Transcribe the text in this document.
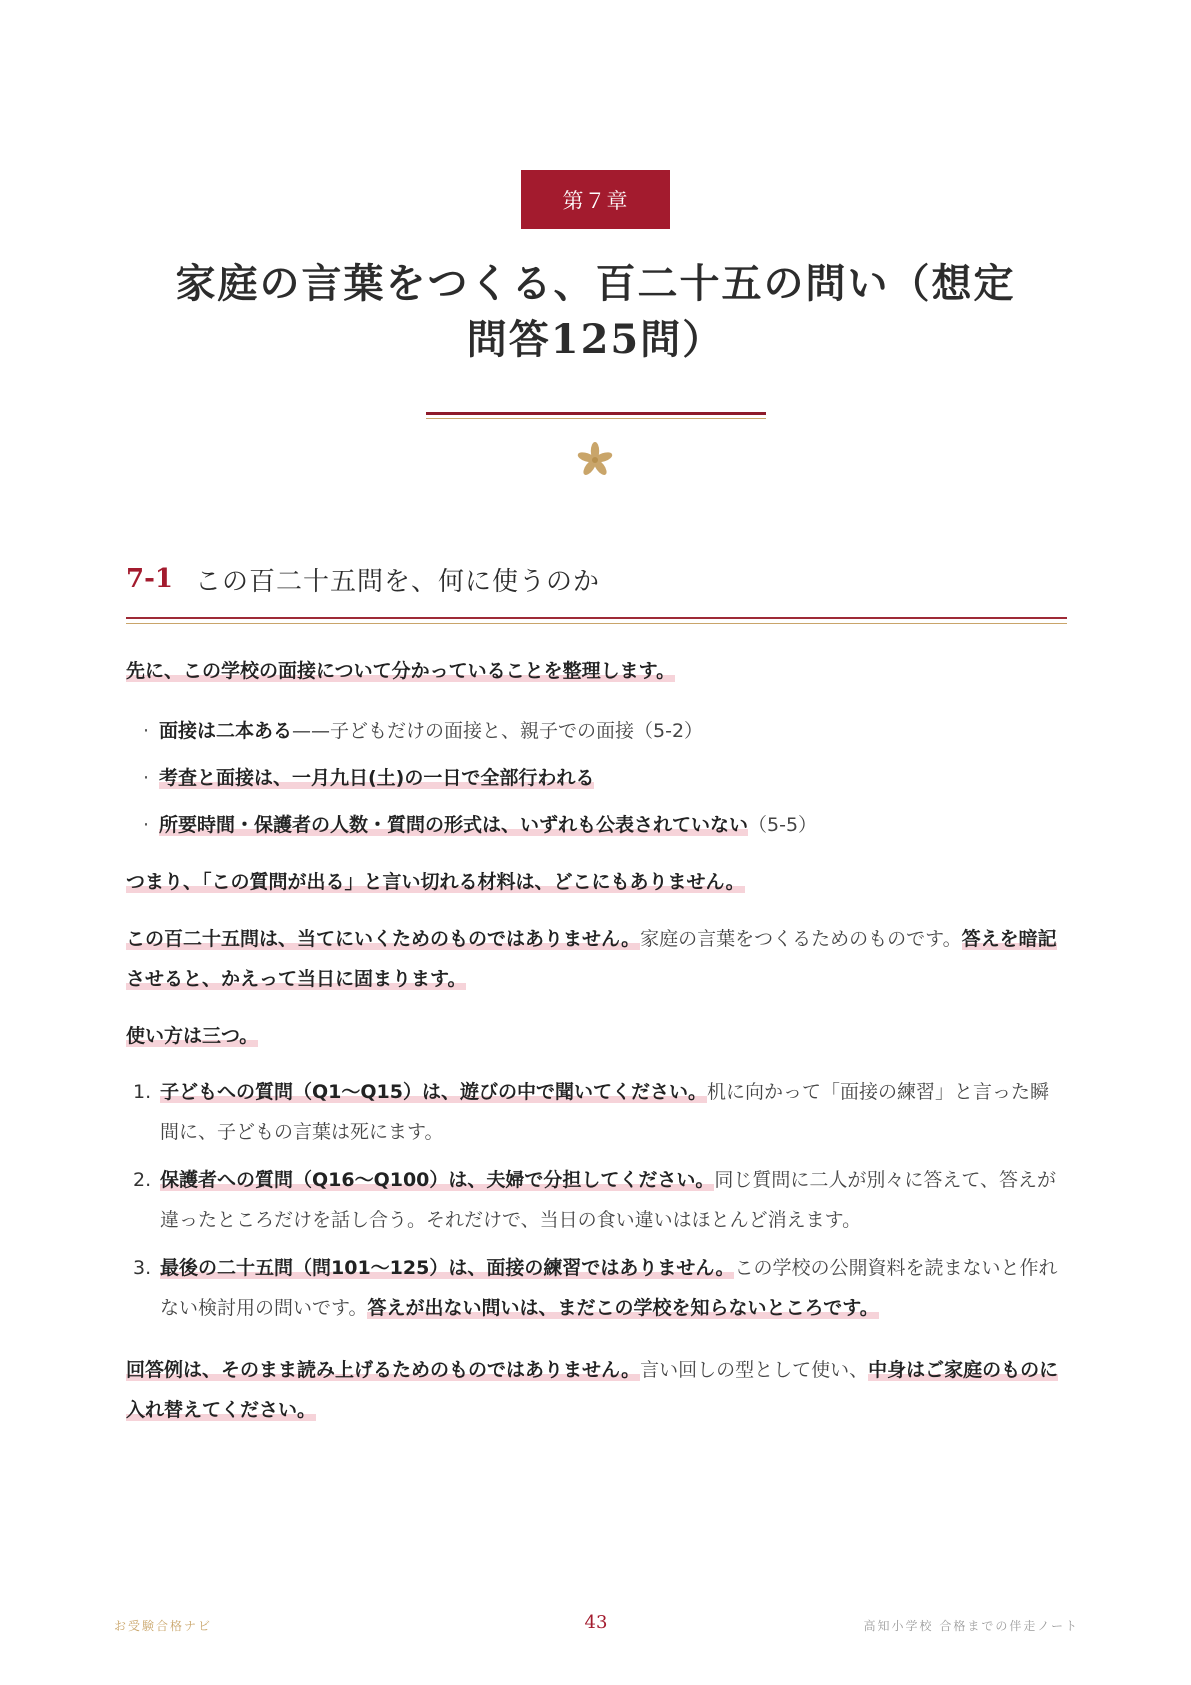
第７章
家庭の言葉をつくる、百二十五の問い（想定
問答125問）
7-1 この百二十五問を、何に使うのか
先に、この学校の面接について分かっていることを整理します。
· 面接は二本ある——子どもだけの面接と、親子での面接（5-2）
· 考査と面接は、一月九日(土)の一日で全部行われる
· 所要時間・保護者の人数・質問の形式は、いずれも公表されていない（5-5）
つまり、「この質問が出る」と言い切れる材料は、どこにもありません。
この百二十五問は、当てにいくためのものではありません。家庭の言葉をつくるためのものです。答えを暗記させると、かえって当日に固まります。
使い方は三つ。
1. 子どもへの質問（Q1〜Q15）は、遊びの中で聞いてください。机に向かって「面接の練習」と言った瞬間に、子どもの言葉は死にます。
2. 保護者への質問（Q16〜Q100）は、夫婦で分担してください。同じ質問に二人が別々に答えて、答えが違ったところだけを話し合う。それだけで、当日の食い違いはほとんど消えます。
3. 最後の二十五問（問101〜125）は、面接の練習ではありません。この学校の公開資料を読まないと作れない検討用の問いです。答えが出ない問いは、まだこの学校を知らないところです。
回答例は、そのまま読み上げるためのものではありません。言い回しの型として使い、中身はご家庭のものに入れ替えてください。
お受験合格ナビ	43	高知小学校 合格までの伴走ノート
